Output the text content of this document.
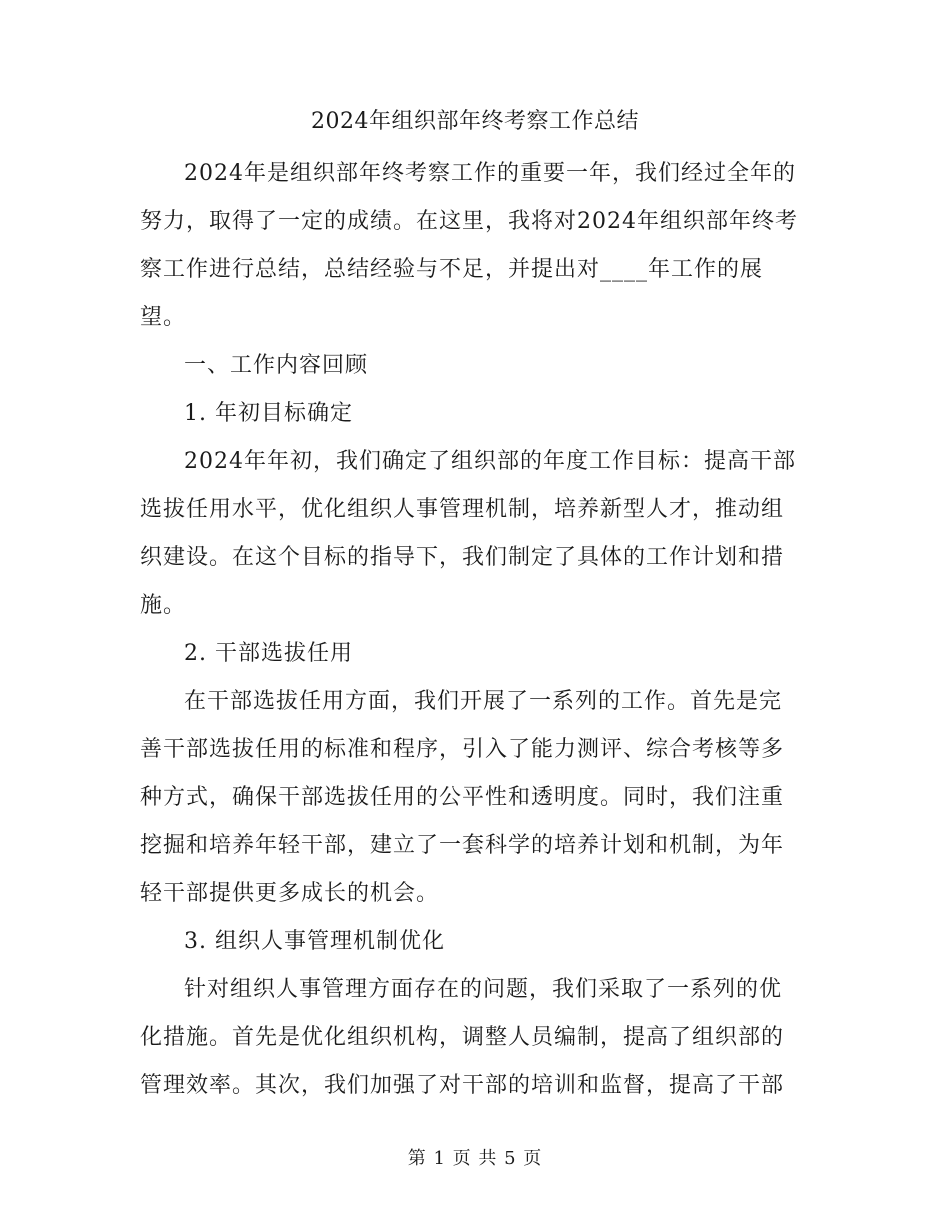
2024年组织部年终考察工作总结

2024年是组织部年终考察工作的重要一年，我们经过全年的努力，取得了一定的成绩。在这里，我将对2024年组织部年终考察工作进行总结，总结经验与不足，并提出对____年工作的展望。

一、工作内容回顾

1. 年初目标确定

2024年年初，我们确定了组织部的年度工作目标：提高干部选拔任用水平，优化组织人事管理机制，培养新型人才，推动组织建设。在这个目标的指导下，我们制定了具体的工作计划和措施。

2. 干部选拔任用

在干部选拔任用方面，我们开展了一系列的工作。首先是完善干部选拔任用的标准和程序，引入了能力测评、综合考核等多种方式，确保干部选拔任用的公平性和透明度。同时，我们注重挖掘和培养年轻干部，建立了一套科学的培养计划和机制，为年轻干部提供更多成长的机会。

3. 组织人事管理机制优化

针对组织人事管理方面存在的问题，我们采取了一系列的优化措施。首先是优化组织机构，调整人员编制，提高了组织部的管理效率。其次，我们加强了对干部的培训和监督，提高了干部

第 1 页 共 5 页
